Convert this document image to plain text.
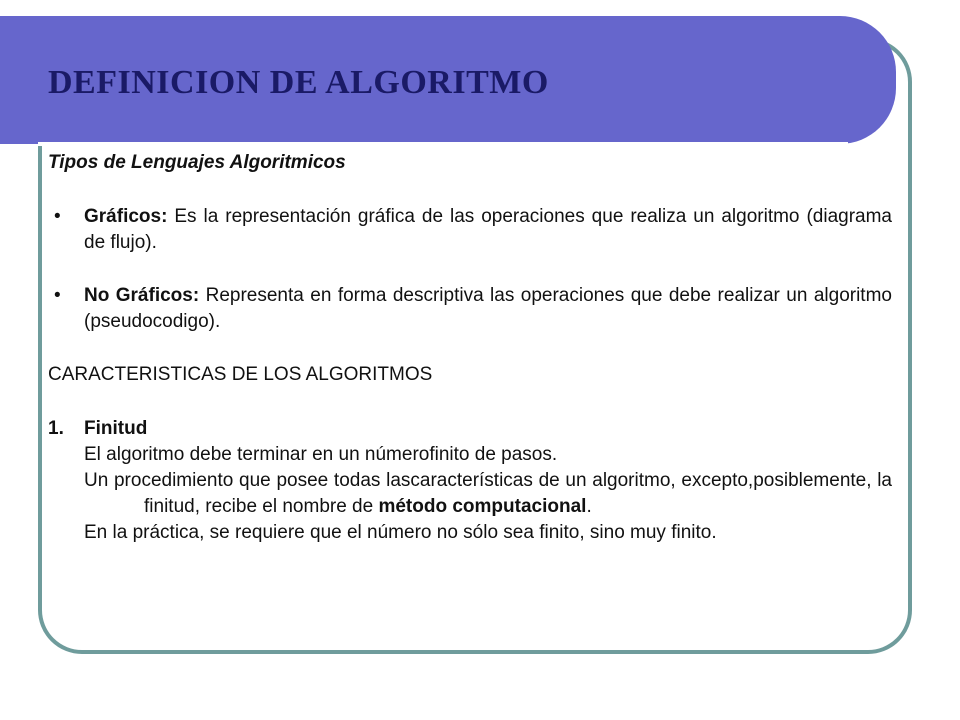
DEFINICION DE ALGORITMO

Tipos de Lenguajes Algoritmicos

• Gráficos: Es la representación gráfica de las operaciones que realiza un algoritmo (diagrama de flujo).

• No Gráficos: Representa en forma descriptiva las operaciones que debe realizar un algoritmo (pseudocodigo).

CARACTERISTICAS DE LOS ALGORITMOS

1. Finitud

El algoritmo debe terminar en un númerofinito de pasos.

Un procedimiento que posee todas lascaracterísticas de un algoritmo, excepto,posiblemente, la finitud, recibe el nombre de método computacional.

En la práctica, se requiere que el número no sólo sea finito, sino muy finito.
